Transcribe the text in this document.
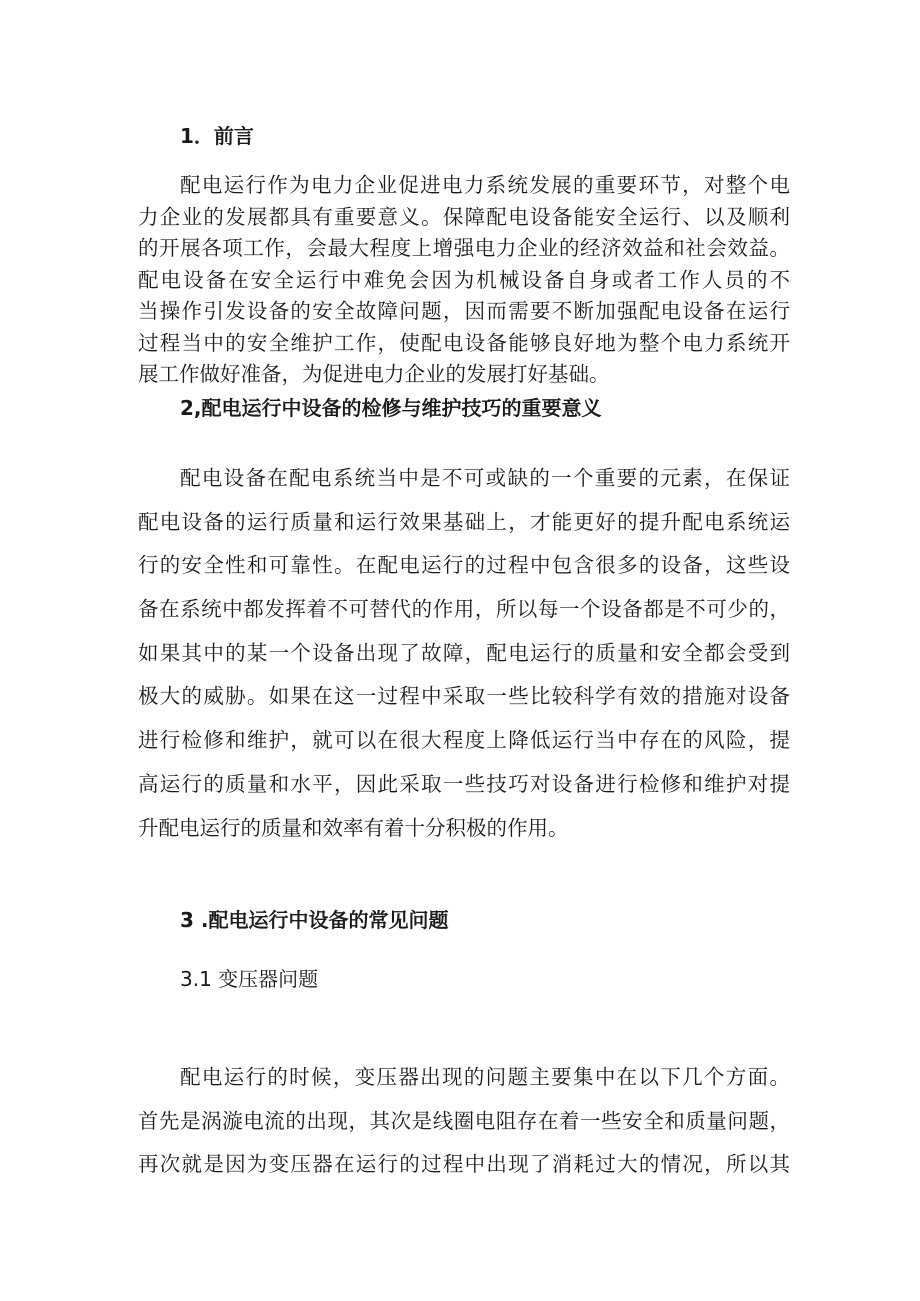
1．前言
配电运行作为电力企业促进电力系统发展的重要环节，对整个电
力企业的发展都具有重要意义。保障配电设备能安全运行、以及顺利
的开展各项工作，会最大程度上增强电力企业的经济效益和社会效益。
配电设备在安全运行中难免会因为机械设备自身或者工作人员的不
当操作引发设备的安全故障问题，因而需要不断加强配电设备在运行
过程当中的安全维护工作，使配电设备能够良好地为整个电力系统开
展工作做好准备，为促进电力企业的发展打好基础。
2,配电运行中设备的检修与维护技巧的重要意义
配电设备在配电系统当中是不可或缺的一个重要的元素，在保证
配电设备的运行质量和运行效果基础上，才能更好的提升配电系统运
行的安全性和可靠性。在配电运行的过程中包含很多的设备，这些设
备在系统中都发挥着不可替代的作用，所以每一个设备都是不可少的，
如果其中的某一个设备出现了故障，配电运行的质量和安全都会受到
极大的威胁。如果在这一过程中采取一些比较科学有效的措施对设备
进行检修和维护，就可以在很大程度上降低运行当中存在的风险，提
高运行的质量和水平，因此采取一些技巧对设备进行检修和维护对提
升配电运行的质量和效率有着十分积极的作用。
3 .配电运行中设备的常见问题
3.1 变压器问题
配电运行的时候，变压器出现的问题主要集中在以下几个方面。
首先是涡漩电流的出现，其次是线圈电阻存在着一些安全和质量问题，
再次就是因为变压器在运行的过程中出现了消耗过大的情况，所以其
